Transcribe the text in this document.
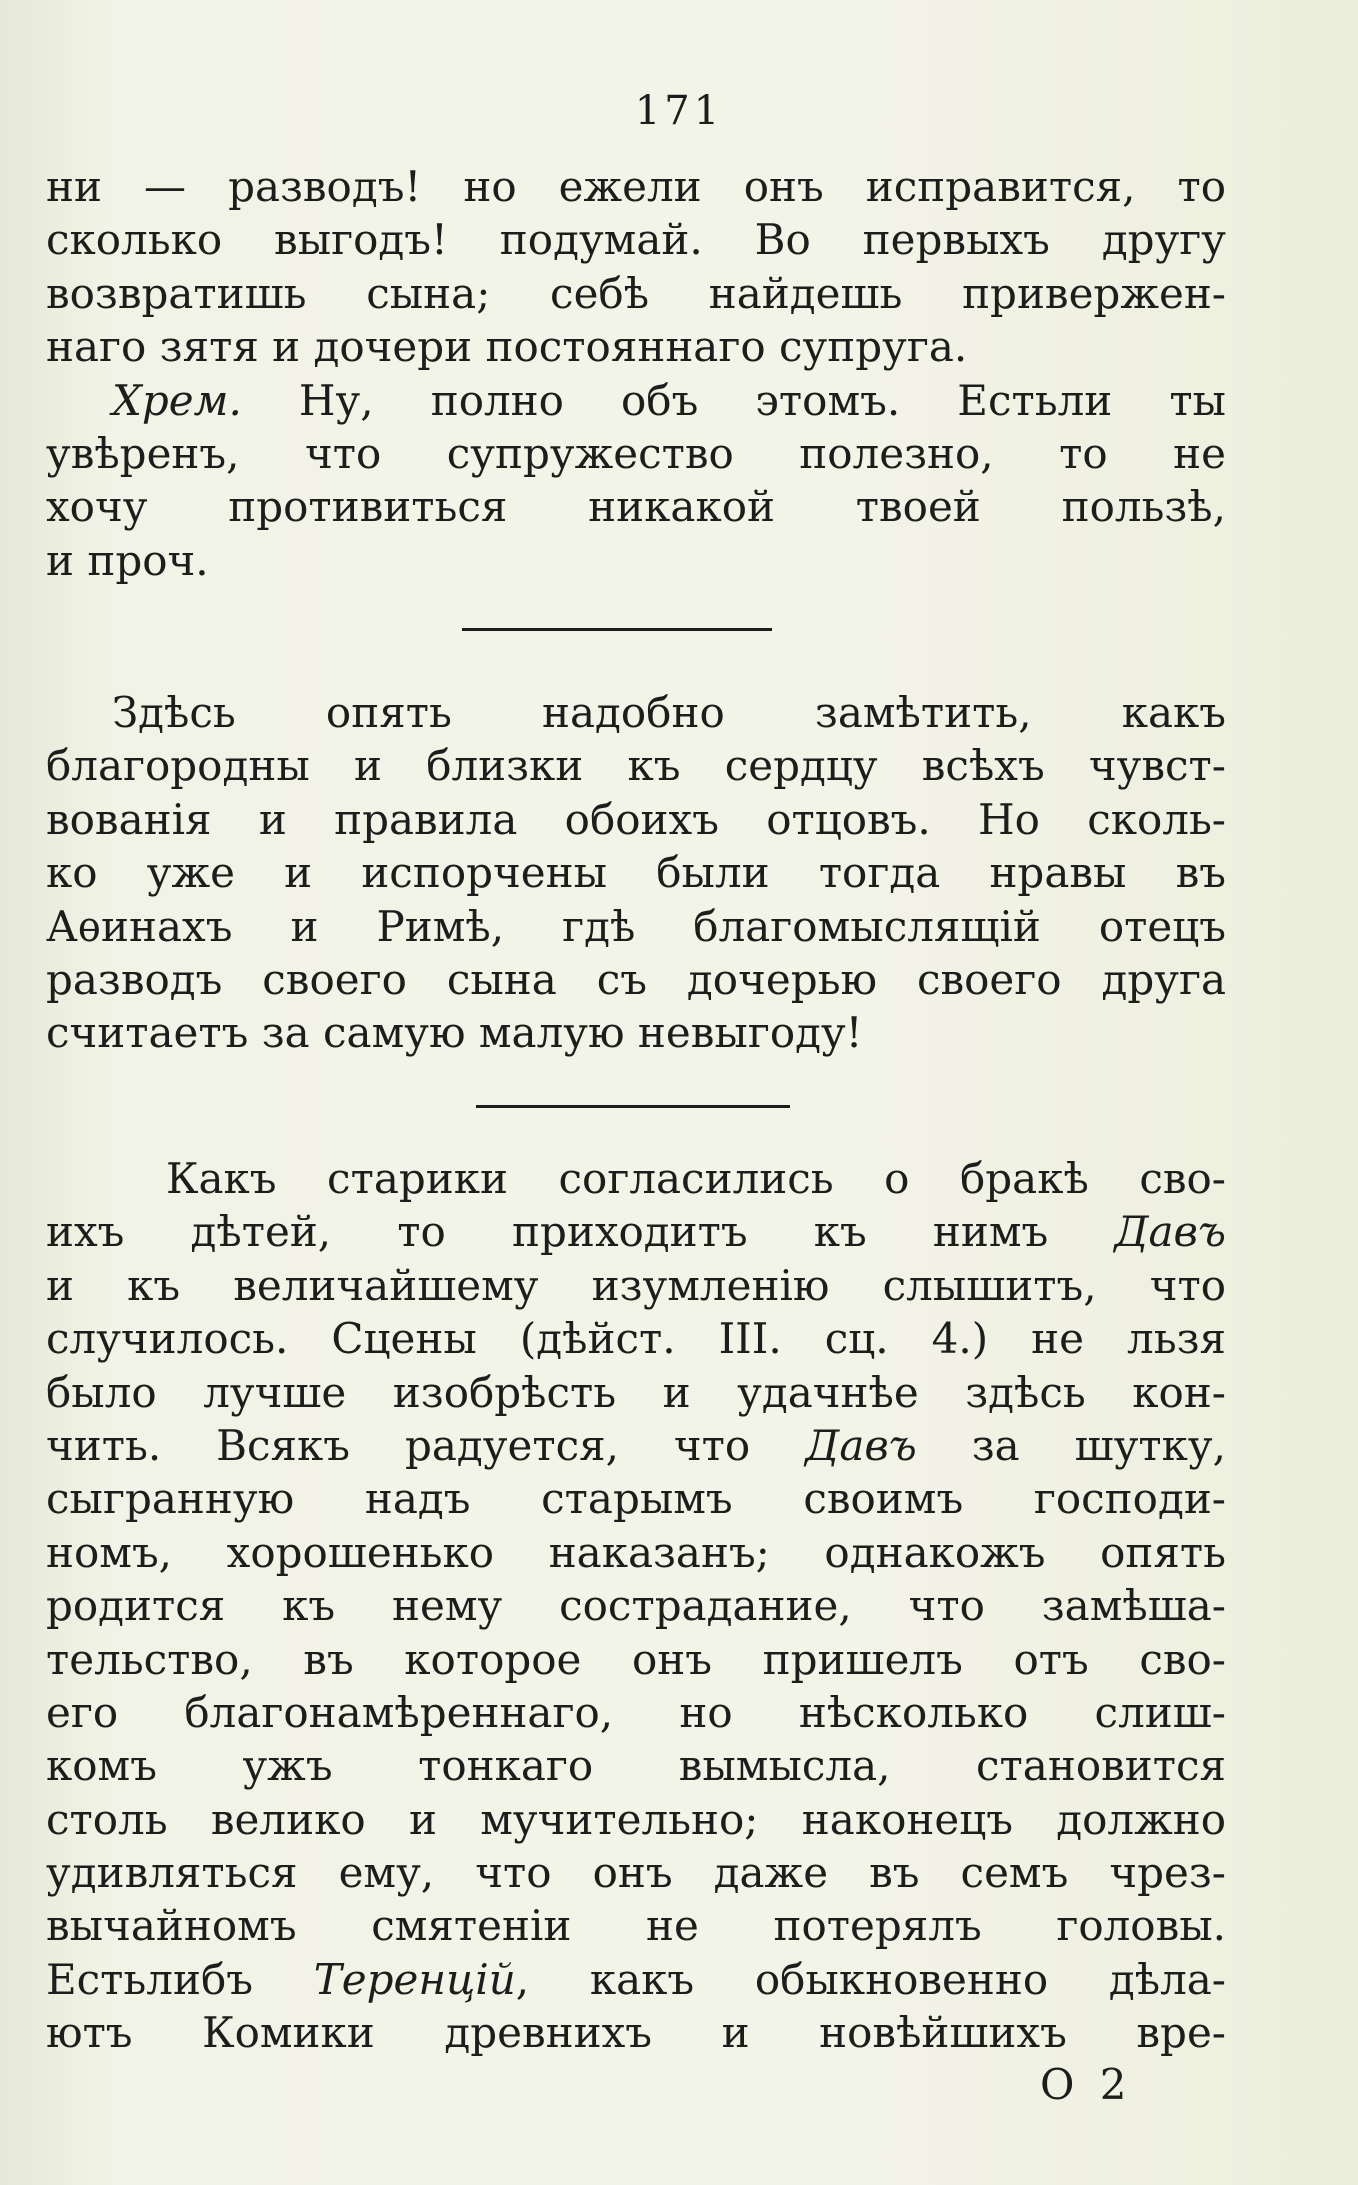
171
ни — разводъ! но ежели онъ исправится, то
сколько выгодъ! подумай. Во первыхъ другу
возвратишь сына; себѣ найдешь привержен-
наго зятя и дочери постояннаго супруга.
Хрем. Ну, полно объ этомъ. Естьли ты
увѣренъ, что супружество полезно, то не
хочу противиться никакой твоей пользѣ,
и проч.
Здѣсь опять надобно замѣтить, какъ
благородны и близки къ сердцу всѣхъ чувст-
вованія и правила обоихъ отцовъ. Но сколь-
ко уже и испорчены были тогда нравы въ
Аѳинахъ и Римѣ, гдѣ благомыслящій отецъ
разводъ своего сына съ дочерью своего друга
считаетъ за самую малую невыгоду!
Какъ старики согласились о бракѣ сво-
ихъ дѣтей, то приходитъ къ нимъ Давъ
и къ величайшему изумленію слышитъ, что
случилось. Сцены (дѣйст. III. сц. 4.) не льзя
было лучше изобрѣсть и удачнѣе здѣсь кон-
чить. Всякъ радуется, что Давъ за шутку,
сыгранную надъ старымъ своимъ господи-
номъ, хорошенько наказанъ; однакожъ опять
родится къ нему сострадание, что замѣша-
тельство, въ которое онъ пришелъ отъ сво-
его благонамѣреннаго, но нѣсколько слиш-
комъ ужъ тонкаго вымысла, становится
столь велико и мучительно; наконецъ должно
удивляться ему, что онъ даже въ семъ чрез-
вычайномъ смятеніи не потерялъ головы.
Естьлибъ Теренцій, какъ обыкновенно дѣла-
ютъ Комики древнихъ и новѣйшихъ вре-
O 2
